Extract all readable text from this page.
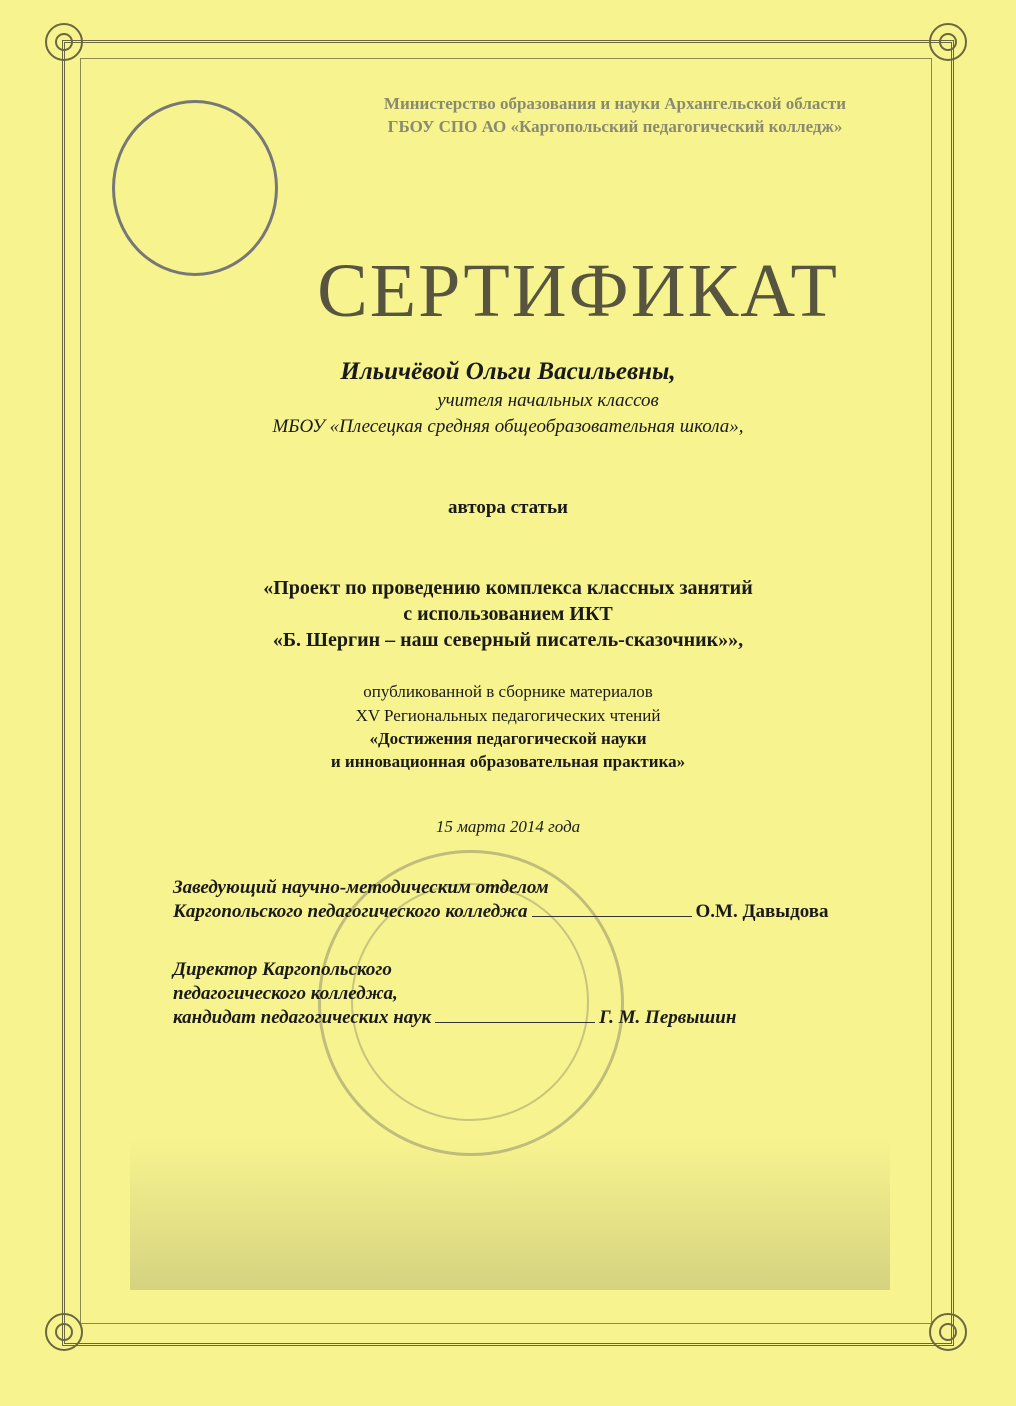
Министерство образования и науки Архангельской области
ГБОУ СПО АО «Каргопольский педагогический колледж»
СЕРТИФИКАТ
Ильичёвой Ольги Васильевны,
учителя начальных классов
МБОУ «Плесецкая средняя общеобразовательная школа»,
автора статьи
«Проект по проведению комплекса классных занятий
с использованием ИКТ
«Б. Шергин – наш северный писатель-сказочник»»,
опубликованной в сборнике материалов
XV Региональных педагогических чтений
«Достижения педагогической науки
и инновационная образовательная практика»
15 марта 2014 года
Заведующий научно-методическим отделом
Каргопольского педагогического колледжа	О.М. Давыдова
Директор Каргопольского
педагогического колледжа,
кандидат педагогических наук	Г. М. Первышин
